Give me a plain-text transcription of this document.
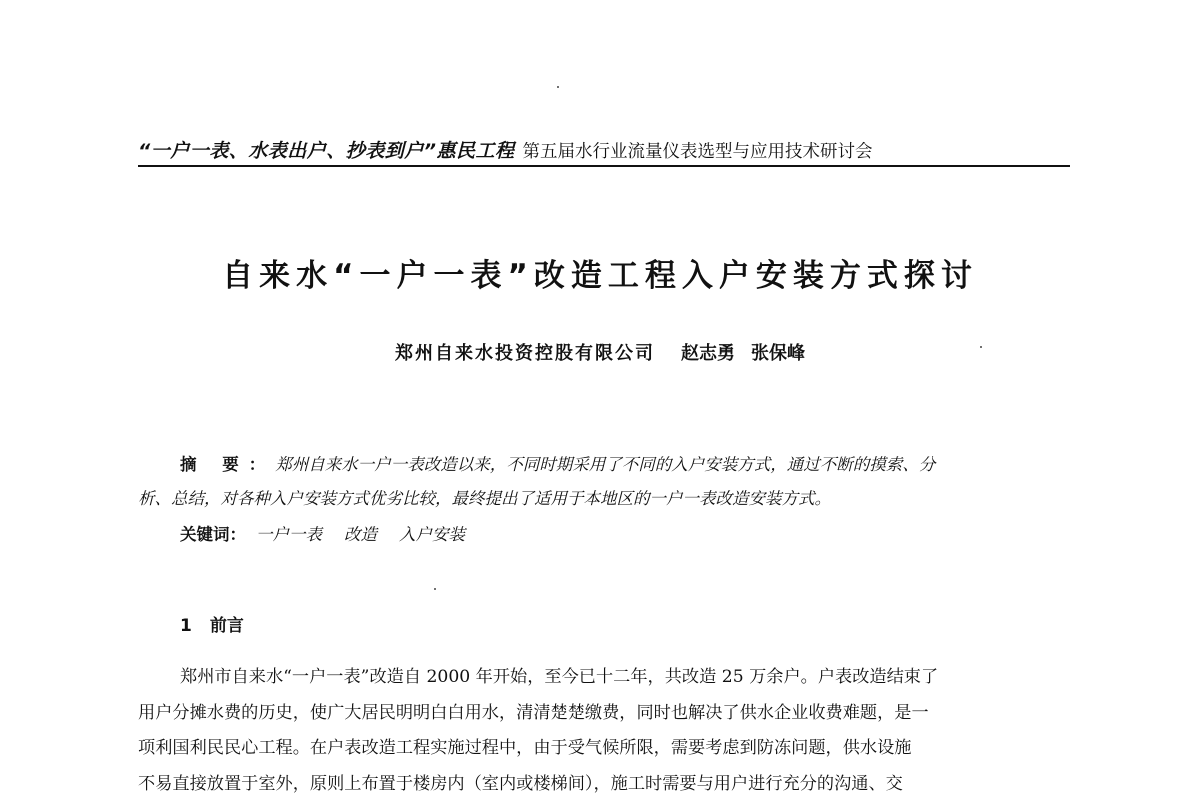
“一户一表、水表出户、抄表到户”惠民工程 第五届水行业流量仪表选型与应用技术研讨会
自来水“一户一表”改造工程入户安装方式探讨
郑州自来水投资控股有限公司 赵志勇 张保峰
摘 要：郑州自来水一户一表改造以来，不同时期采用了不同的入户安装方式，通过不断的摸索、分
析、总结，对各种入户安装方式优劣比较，最终提出了适用于本地区的一户一表改造安装方式。
关键词： 一户一表 改造 入户安装
1 前言
郑州市自来水“一户一表”改造自 2000 年开始，至今已十二年，共改造 25 万余户。户表改造结束了
用户分摊水费的历史，使广大居民明明白白用水，清清楚楚缴费，同时也解决了供水企业收费难题，是一
项利国利民民心工程。在户表改造工程实施过程中，由于受气候所限，需要考虑到防冻问题，供水设施
不易直接放置于室外，原则上布置于楼房内（室内或楼梯间），施工时需要与用户进行充分的沟通、交
